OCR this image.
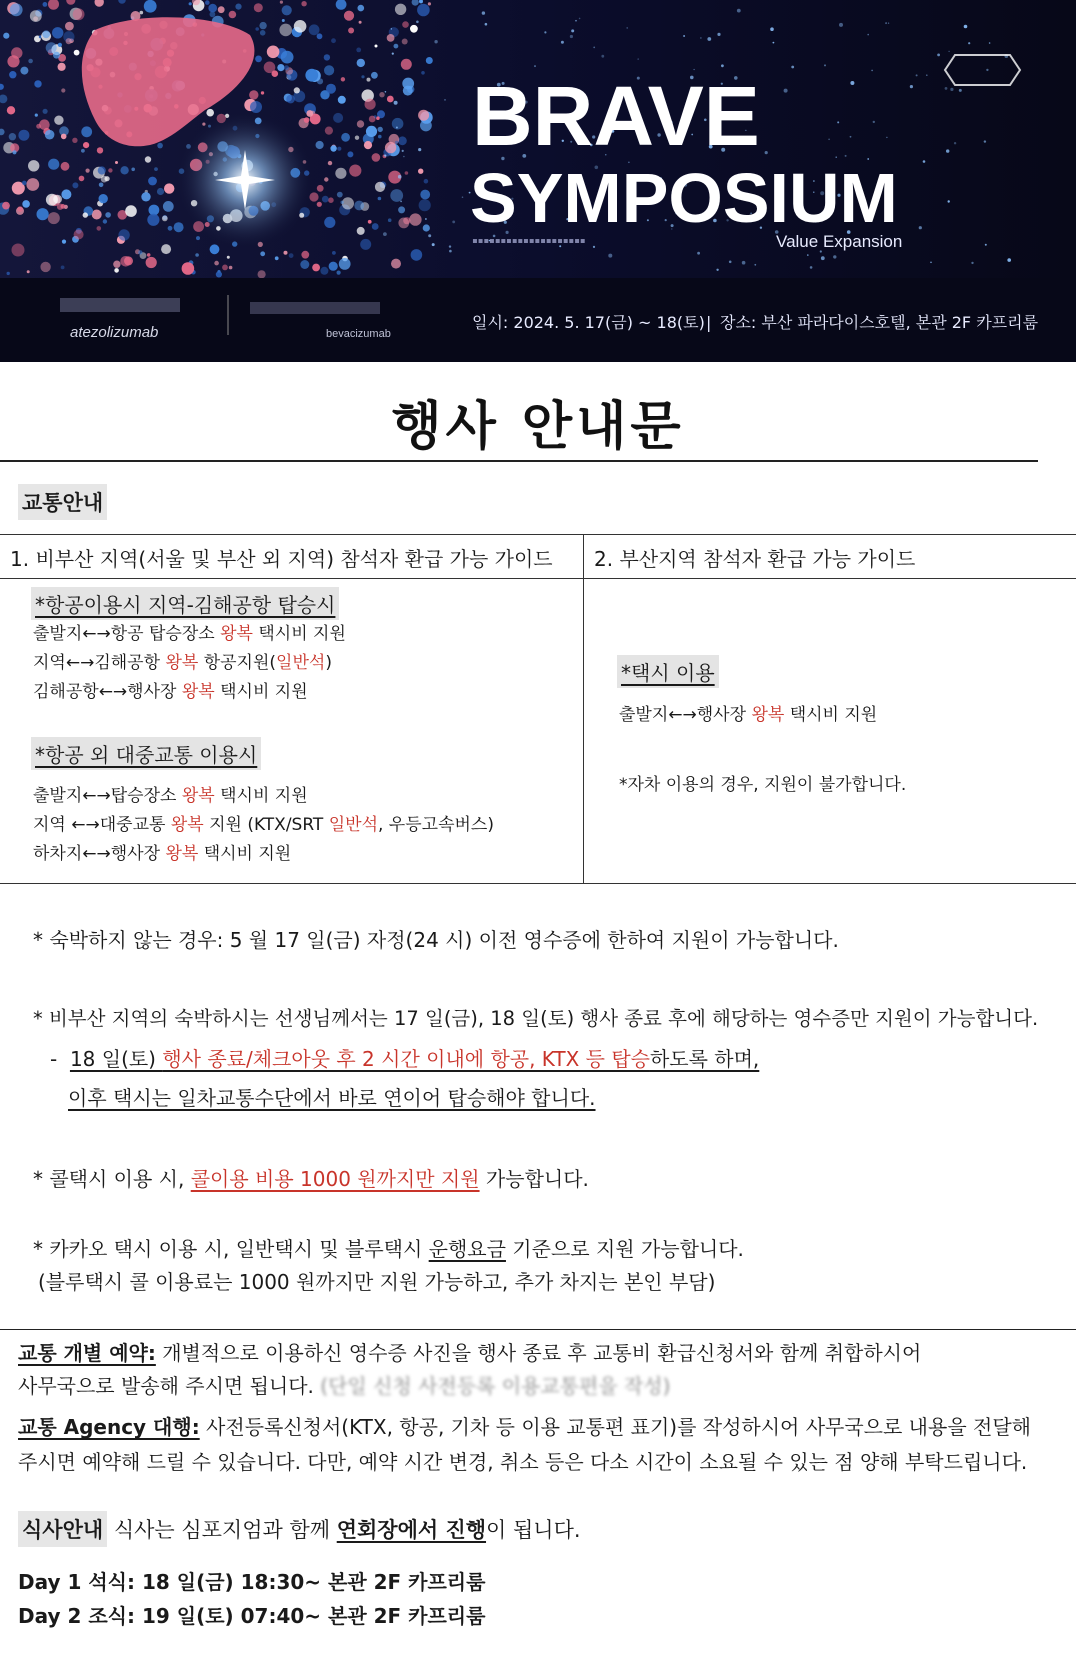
BRAVE
SYMPOSIUM
▪▪▪▪▪▪▪▪▪▪▪▪▪▪▪▪▪▪▪▪	Value Expansion
atezolizumab	bevacizumab
일시: 2024. 5. 17(금) ~ 18(토) | 장소: 부산 파라다이스호텔, 본관 2F 카프리룸
행사 안내문
교통안내
1. 비부산 지역(서울 및 부산 외 지역) 참석자 환급 가능 가이드 2. 부산지역 참석자 환급 가능 가이드
*항공이용시 지역-김해공항 탑승시
출발지←→항공 탑승장소 왕복 택시비 지원
지역←→김해공항 왕복 항공지원(일반석)
김해공항←→행사장 왕복 택시비 지원
*항공 외 대중교통 이용시
출발지←→탑승장소 왕복 택시비 지원
지역 ←→대중교통 왕복 지원 (KTX/SRT 일반석, 우등고속버스)
하차지←→행사장 왕복 택시비 지원
*택시 이용
출발지←→행사장 왕복 택시비 지원
*자차 이용의 경우, 지원이 불가합니다.
* 숙박하지 않는 경우: 5 월 17 일(금) 자정(24 시) 이전 영수증에 한하여 지원이 가능합니다.
* 비부산 지역의 숙박하시는 선생님께서는 17 일(금), 18 일(토) 행사 종료 후에 해당하는 영수증만 지원이 가능합니다.
- 18 일(토) 행사 종료/체크아웃 후 2 시간 이내에 항공, KTX 등 탑승하도록 하며,
이후 택시는 일차교통수단에서 바로 연이어 탑승해야 합니다.
* 콜택시 이용 시, 콜이용 비용 1000 원까지만 지원 가능합니다.
* 카카오 택시 이용 시, 일반택시 및 블루택시 운행요금 기준으로 지원 가능합니다.
(블루택시 콜 이용료는 1000 원까지만 지원 가능하고, 추가 차지는 본인 부담)
교통 개별 예약: 개별적으로 이용하신 영수증 사진을 행사 종료 후 교통비 환급신청서와 함께 취합하시어
사무국으로 발송해 주시면 됩니다. (단일 신청 사전등록 이용교통편을 작성)
교통 Agency 대행: 사전등록신청서(KTX, 항공, 기차 등 이용 교통편 표기)를 작성하시어 사무국으로 내용을 전달해
주시면 예약해 드릴 수 있습니다. 다만, 예약 시간 변경, 취소 등은 다소 시간이 소요될 수 있는 점 양해 부탁드립니다.
식사안내 식사는 심포지엄과 함께 연회장에서 진행이 됩니다.
Day 1 석식: 18 일(금) 18:30~ 본관 2F 카프리룸
Day 2 조식: 19 일(토) 07:40~ 본관 2F 카프리룸
